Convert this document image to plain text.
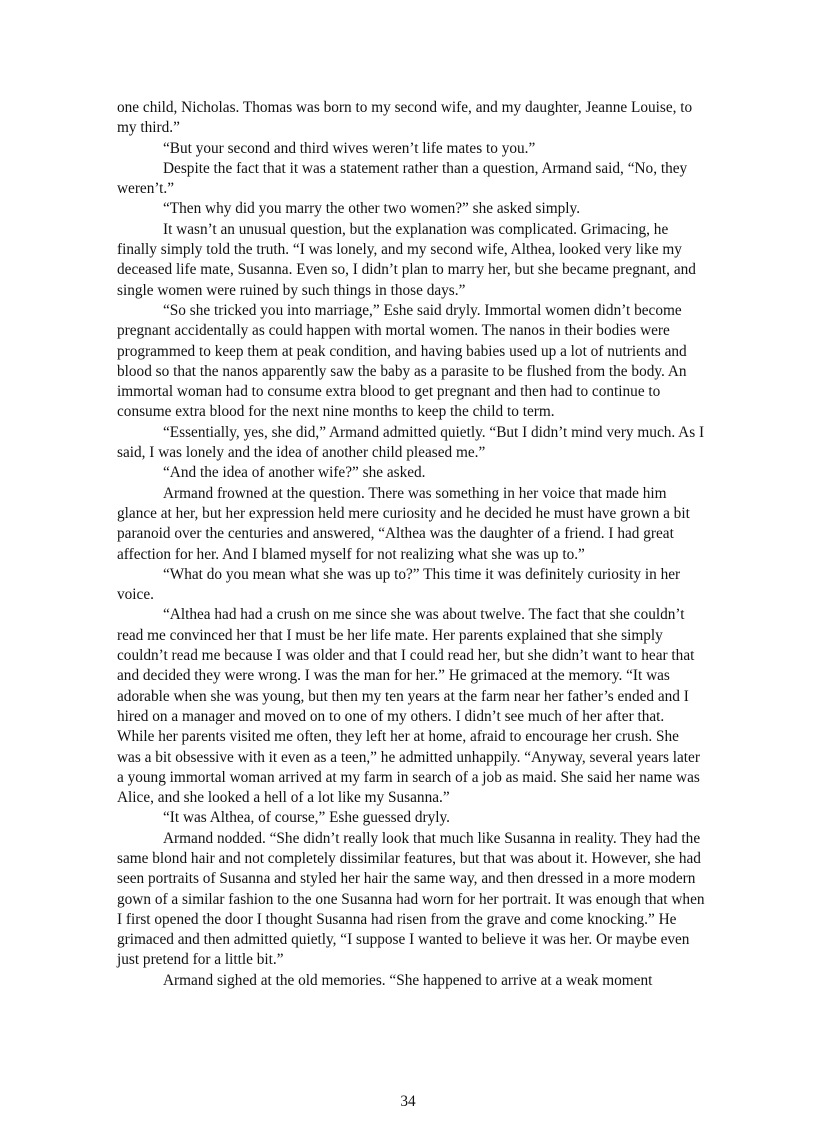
one child, Nicholas. Thomas was born to my second wife, and my daughter, Jeanne Louise, to my third.”

“But your second and third wives weren’t life mates to you.”

Despite the fact that it was a statement rather than a question, Armand said, “No, they weren’t.”

“Then why did you marry the other two women?” she asked simply.

It wasn’t an unusual question, but the explanation was complicated. Grimacing, he finally simply told the truth. “I was lonely, and my second wife, Althea, looked very like my deceased life mate, Susanna. Even so, I didn’t plan to marry her, but she became pregnant, and single women were ruined by such things in those days.”

“So she tricked you into marriage,” Eshe said dryly. Immortal women didn’t become pregnant accidentally as could happen with mortal women. The nanos in their bodies were programmed to keep them at peak condition, and having babies used up a lot of nutrients and blood so that the nanos apparently saw the baby as a parasite to be flushed from the body. An immortal woman had to consume extra blood to get pregnant and then had to continue to consume extra blood for the next nine months to keep the child to term.

“Essentially, yes, she did,” Armand admitted quietly. “But I didn’t mind very much. As I said, I was lonely and the idea of another child pleased me.”

“And the idea of another wife?” she asked.

Armand frowned at the question. There was something in her voice that made him glance at her, but her expression held mere curiosity and he decided he must have grown a bit paranoid over the centuries and answered, “Althea was the daughter of a friend. I had great affection for her. And I blamed myself for not realizing what she was up to.”

“What do you mean what she was up to?” This time it was definitely curiosity in her voice.

“Althea had had a crush on me since she was about twelve. The fact that she couldn’t read me convinced her that I must be her life mate. Her parents explained that she simply couldn’t read me because I was older and that I could read her, but she didn’t want to hear that and decided they were wrong. I was the man for her.” He grimaced at the memory. “It was adorable when she was young, but then my ten years at the farm near her father’s ended and I hired on a manager and moved on to one of my others. I didn’t see much of her after that. While her parents visited me often, they left her at home, afraid to encourage her crush. She was a bit obsessive with it even as a teen,” he admitted unhappily. “Anyway, several years later a young immortal woman arrived at my farm in search of a job as maid. She said her name was Alice, and she looked a hell of a lot like my Susanna.”

“It was Althea, of course,” Eshe guessed dryly.

Armand nodded. “She didn’t really look that much like Susanna in reality. They had the same blond hair and not completely dissimilar features, but that was about it. However, she had seen portraits of Susanna and styled her hair the same way, and then dressed in a more modern gown of a similar fashion to the one Susanna had worn for her portrait. It was enough that when I first opened the door I thought Susanna had risen from the grave and come knocking.” He grimaced and then admitted quietly, “I suppose I wanted to believe it was her. Or maybe even just pretend for a little bit.”

Armand sighed at the old memories. “She happened to arrive at a weak moment

34
